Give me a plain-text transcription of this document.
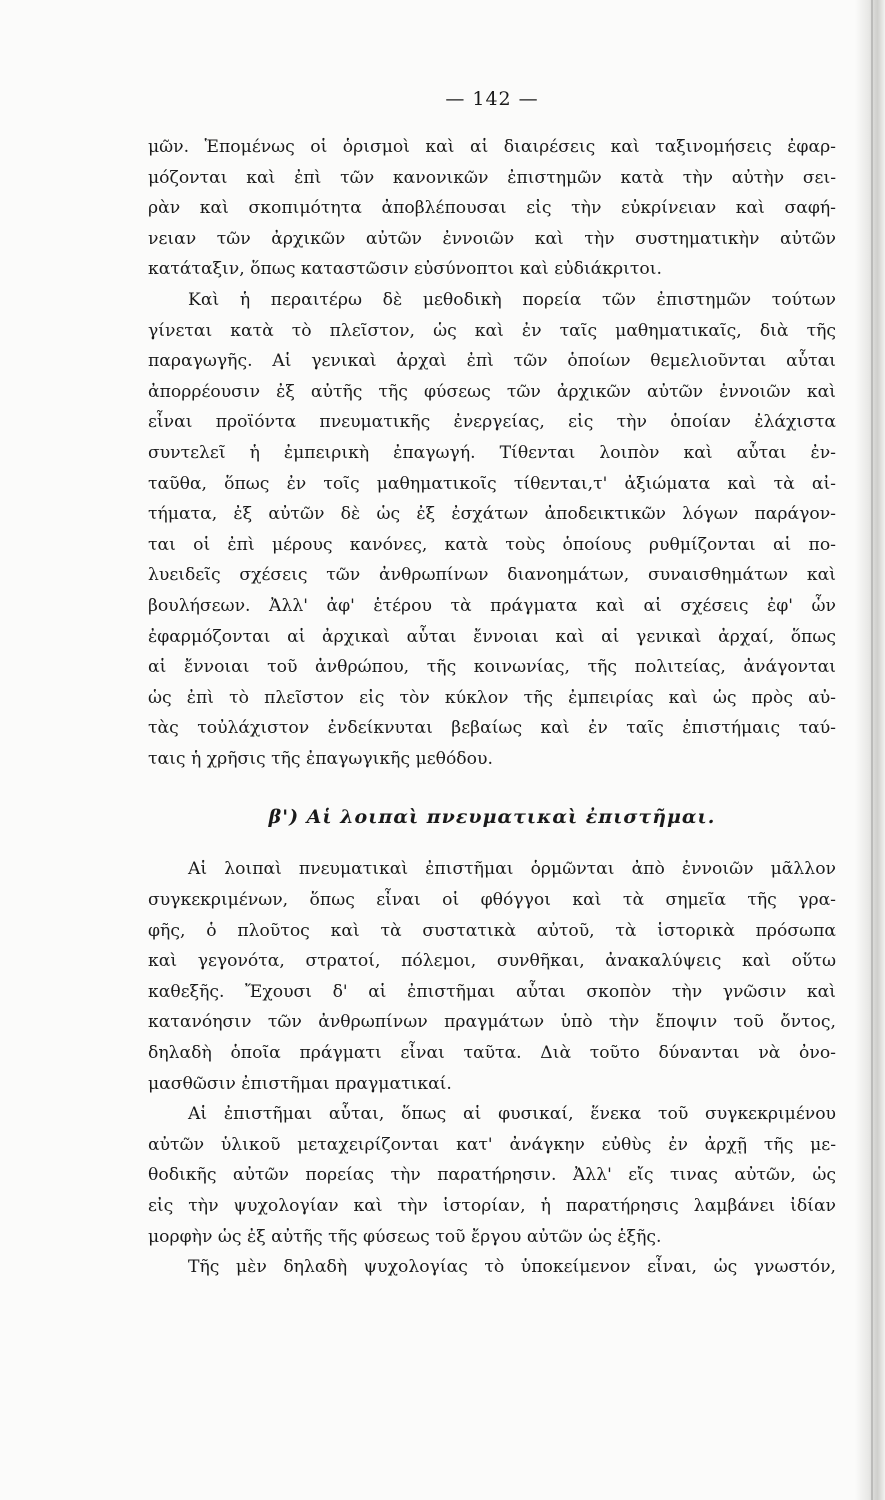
— 142 —
μῶν. Ἑπομένως οἱ ὁρισμοὶ καὶ αἱ διαιρέσεις καὶ ταξινομήσεις ἐφαρ-
μόζονται καὶ ἐπὶ τῶν κανονικῶν ἐπιστημῶν κατὰ τὴν αὐτὴν σει-
ρὰν καὶ σκοπιμότητα ἀποβλέπουσαι εἰς τὴν εὐκρίνειαν καὶ σαφή-
νειαν τῶν ἀρχικῶν αὐτῶν ἐννοιῶν καὶ τὴν συστηματικὴν αὐτῶν
κατάταξιν, ὅπως καταστῶσιν εὐσύνοπτοι καὶ εὐδιάκριτοι.
Καὶ ἡ περαιτέρω δὲ μεθοδικὴ πορεία τῶν ἐπιστημῶν τούτων
γίνεται κατὰ τὸ πλεῖστον, ὡς καὶ ἐν ταῖς μαθηματικαῖς, διὰ τῆς
παραγωγῆς. Αἱ γενικαὶ ἀρχαὶ ἐπὶ τῶν ὁποίων θεμελιοῦνται αὗται
ἀπορρέουσιν ἐξ αὐτῆς τῆς φύσεως τῶν ἀρχικῶν αὐτῶν ἐννοιῶν καὶ
εἶναι προϊόντα πνευματικῆς ἐνεργείας, εἰς τὴν ὁποίαν ἐλάχιστα
συντελεῖ ἡ ἐμπειρικὴ ἐπαγωγή. Τίθενται λοιπὸν καὶ αὗται ἐν-
ταῦθα, ὅπως ἐν τοῖς μαθηματικοῖς τίθενται,τ' ἀξιώματα καὶ τὰ αἰ-
τήματα, ἐξ αὐτῶν δὲ ὡς ἐξ ἐσχάτων ἀποδεικτικῶν λόγων παράγον-
ται οἱ ἐπὶ μέρους κανόνες, κατὰ τοὺς ὁποίους ρυθμίζονται αἱ πο-
λυειδεῖς σχέσεις τῶν ἀνθρωπίνων διανοημάτων, συναισθημάτων καὶ
βουλήσεων. Ἀλλ' ἀφ' ἑτέρου τὰ πράγματα καὶ αἱ σχέσεις ἐφ' ὧν
ἐφαρμόζονται αἱ ἀρχικαὶ αὗται ἔννοιαι καὶ αἱ γενικαὶ ἀρχαί, ὅπως
αἱ ἔννοιαι τοῦ ἀνθρώπου, τῆς κοινωνίας, τῆς πολιτείας, ἀνάγονται
ὡς ἐπὶ τὸ πλεῖστον εἰς τὸν κύκλον τῆς ἐμπειρίας καὶ ὡς πρὸς αὐ-
τὰς τοὐλάχιστον ἐνδείκνυται βεβαίως καὶ ἐν ταῖς ἐπιστήμαις ταύ-
ταις ἡ χρῆσις τῆς ἐπαγωγικῆς μεθόδου.
β') Αἱ λοιπαὶ πνευματικαὶ ἐπιστῆμαι.
Αἱ λοιπαὶ πνευματικαὶ ἐπιστῆμαι ὁρμῶνται ἀπὸ ἐννοιῶν μᾶλλον
συγκεκριμένων, ὅπως εἶναι οἱ φθόγγοι καὶ τὰ σημεῖα τῆς γρα-
φῆς, ὁ πλοῦτος καὶ τὰ συστατικὰ αὐτοῦ, τὰ ἱστορικὰ πρόσωπα
καὶ γεγονότα, στρατοί, πόλεμοι, συνθῆκαι, ἀνακαλύψεις καὶ οὕτω
καθεξῆς. Ἔχουσι δ' αἱ ἐπιστῆμαι αὗται σκοπὸν τὴν γνῶσιν καὶ
κατανόησιν τῶν ἀνθρωπίνων πραγμάτων ὑπὸ τὴν ἔποψιν τοῦ ὄντος,
δηλαδὴ ὁποῖα πράγματι εἶναι ταῦτα. Διὰ τοῦτο δύνανται νὰ ὀνο-
μασθῶσιν ἐπιστῆμαι πραγματικαί.
Αἱ ἐπιστῆμαι αὗται, ὅπως αἱ φυσικαί, ἕνεκα τοῦ συγκεκριμένου
αὐτῶν ὑλικοῦ μεταχειρίζονται κατ' ἀνάγκην εὐθὺς ἐν ἀρχῇ τῆς με-
θοδικῆς αὐτῶν πορείας τὴν παρατήρησιν. Ἀλλ' εἴς τινας αὐτῶν, ὡς
εἰς τὴν ψυχολογίαν καὶ τὴν ἱστορίαν, ἡ παρατήρησις λαμβάνει ἰδίαν
μορφὴν ὡς ἐξ αὐτῆς τῆς φύσεως τοῦ ἔργου αὐτῶν ὡς ἑξῆς.
Τῆς μὲν δηλαδὴ ψυχολογίας τὸ ὑποκείμενον εἶναι, ὡς γνωστόν,
